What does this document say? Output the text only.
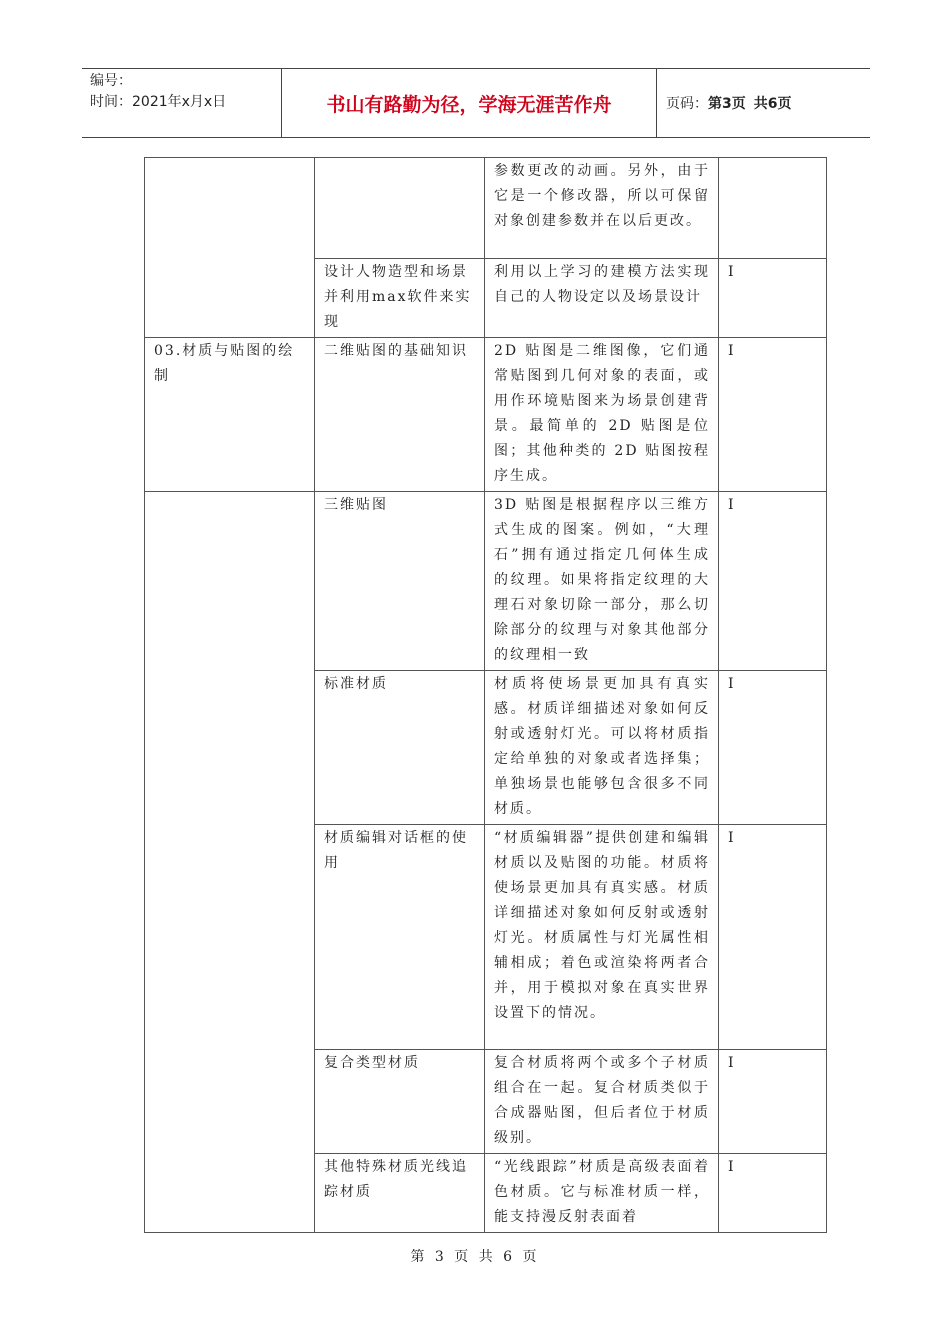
编号：
时间：2021年x月x日	书山有路勤为径，学海无涯苦作舟	页码： 第3页 共6页
		参数更改的动画。另外，由于它是一个修改器，所以可保留对象创建参数并在以后更改。	
	设计人物造型和场景并利用max软件来实现	利用以上学习的建模方法实现自己的人物设定以及场景设计	I
03.材质与贴图的绘制	二维贴图的基础知识	2D 贴图是二维图像，它们通常贴图到几何对象的表面，或用作环境贴图来为场景创建背景。最简单的 2D 贴图是位图；其他种类的 2D 贴图按程序生成。	I
	三维贴图	3D 贴图是根据程序以三维方式生成的图案。例如，“大理石”拥有通过指定几何体生成的纹理。如果将指定纹理的大理石对象切除一部分，那么切除部分的纹理与对象其他部分的纹理相一致	I
	标准材质	材质将使场景更加具有真实感。材质详细描述对象如何反射或透射灯光。可以将材质指定给单独的对象或者选择集；单独场景也能够包含很多不同材质。	I
	材质编辑对话框的使用	“材质编辑器”提供创建和编辑材质以及贴图的功能。材质将使场景更加具有真实感。材质详细描述对象如何反射或透射灯光。材质属性与灯光属性相辅相成；着色或渲染将两者合并，用于模拟对象在真实世界设置下的情况。	I
	复合类型材质	复合材质将两个或多个子材质组合在一起。复合材质类似于合成器贴图，但后者位于材质级别。	I
	其他特殊材质光线追踪材质	“光线跟踪”材质是高级表面着色材质。它与标准材质一样，能支持漫反射表面着	I
第 3 页 共 6 页
